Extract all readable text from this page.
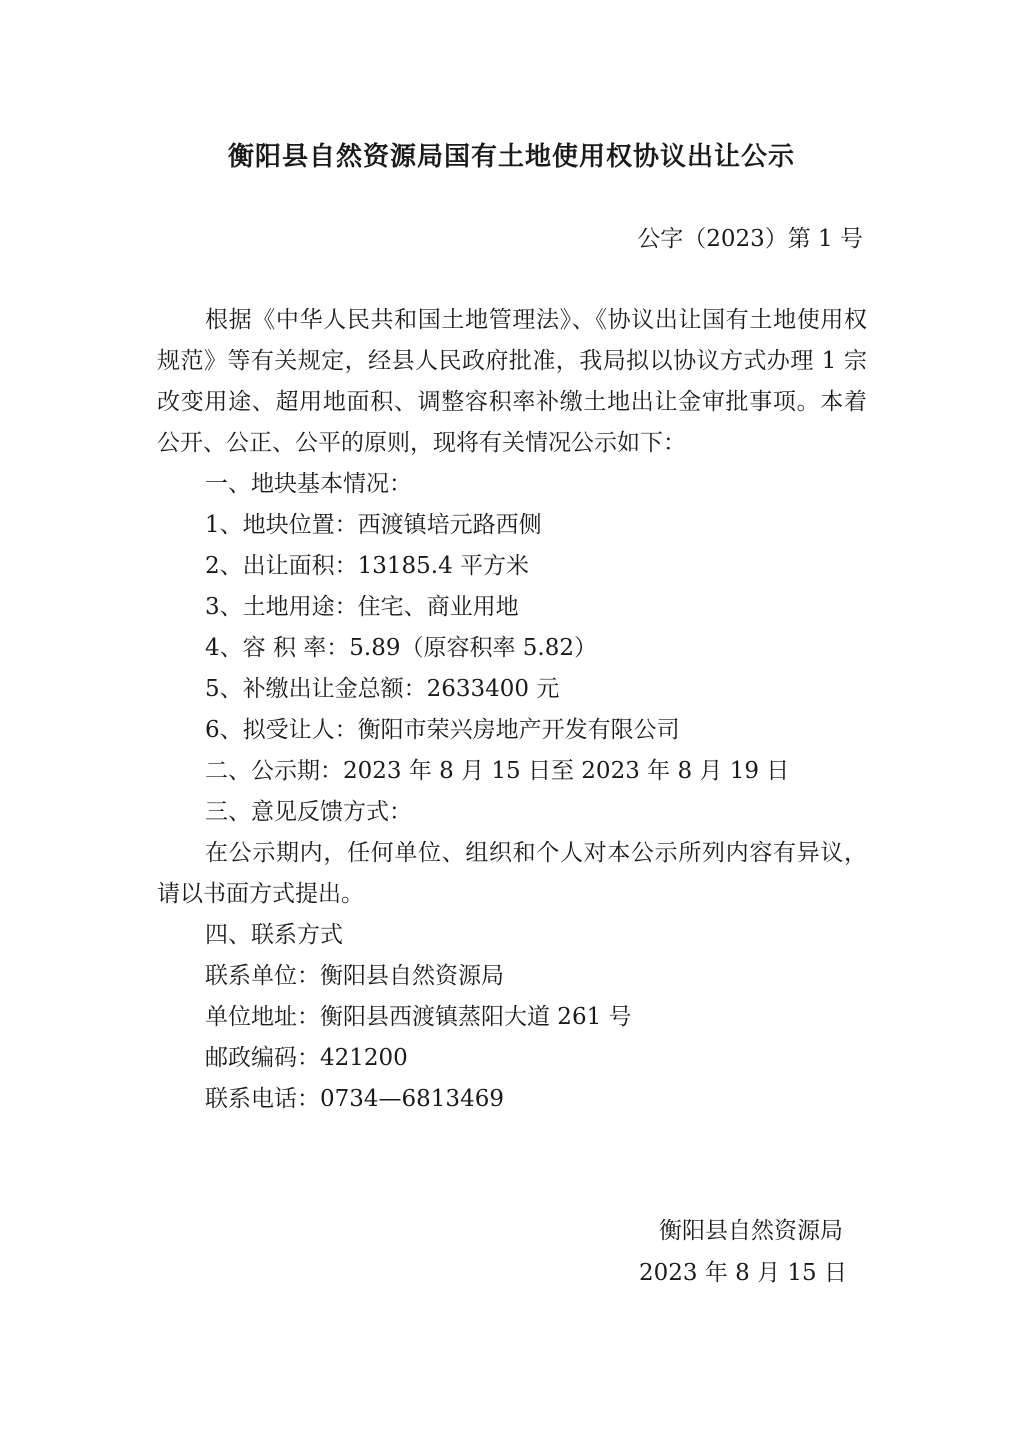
衡阳县自然资源局国有土地使用权协议出让公示
公字（2023）第 1 号

根据《中华人民共和国土地管理法》、《协议出让国有土地使用权规范》等有关规定，经县人民政府批准，我局拟以协议方式办理 1 宗改变用途、超用地面积、调整容积率补缴土地出让金审批事项。本着公开、公正、公平的原则，现将有关情况公示如下：

一、地块基本情况：

1、地块位置：西渡镇培元路西侧

2、出让面积：13185.4 平方米

3、土地用途：住宅、商业用地

4、容 积 率：5.89（原容积率 5.82）

5、补缴出让金总额：2633400 元

6、拟受让人：衡阳市荣兴房地产开发有限公司

二、公示期：2023 年 8 月 15 日至 2023 年 8 月 19 日

三、意见反馈方式：

在公示期内，任何单位、组织和个人对本公示所列内容有异议，请以书面方式提出。

四、联系方式

联系单位：衡阳县自然资源局

单位地址：衡阳县西渡镇蒸阳大道 261 号

邮政编码：421200

联系电话：0734—6813469

衡阳县自然资源局
2023 年 8 月 15 日
